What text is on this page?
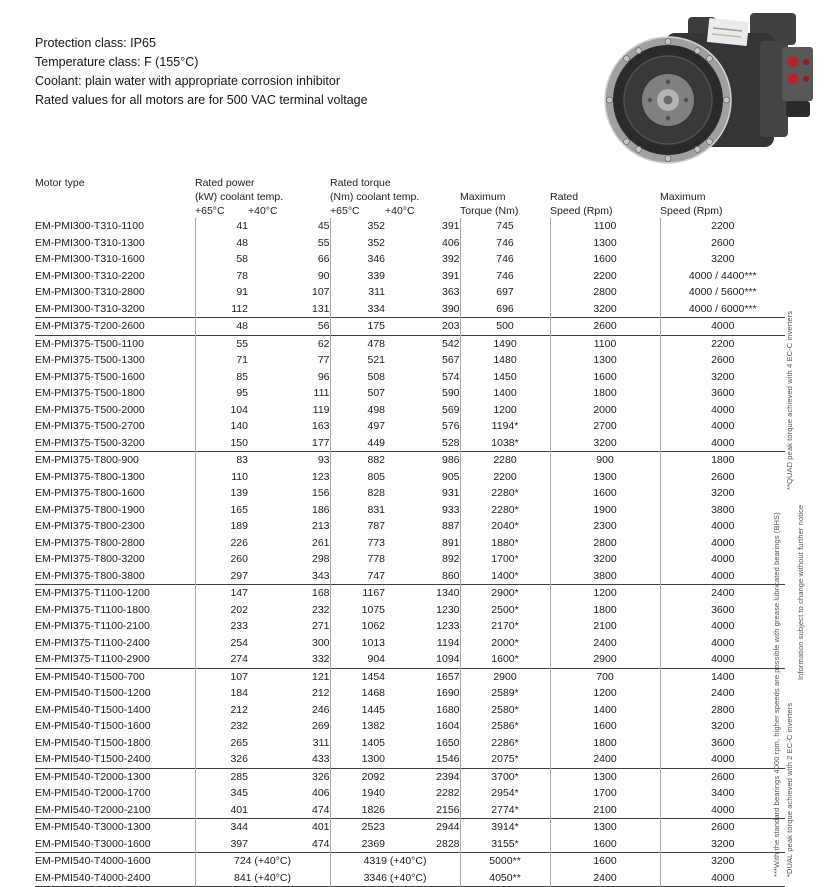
Protection class: IP65
Temperature class: F (155°C)
Coolant: plain water with appropriate corrosion inhibitor
Rated values for all motors are for 500 VAC terminal voltage
Motor type	Rated power		Rated torque				
	(kW) coolant temp.		(Nm) coolant temp.		Maximum	Rated	Maximum
	+65°C	+40°C	+65°C	+40°C	Torque (Nm)	Speed (Rpm)	Speed (Rpm)
EM-PMI300-T310-1100	41	45	352	391	745	1100	2200
EM-PMI300-T310-1300	48	55	352	406	746	1300	2600
EM-PMI300-T310-1600	58	66	346	392	746	1600	3200
EM-PMI300-T310-2200	78	90	339	391	746	2200	4000 / 4400***
EM-PMI300-T310-2800	91	107	311	363	697	2800	4000 / 5600***
EM-PMI300-T310-3200	112	131	334	390	696	3200	4000 / 6000***
EM-PMI375-T200-2600	48	56	175	203	500	2600	4000
EM-PMI375-T500-1100	55	62	478	542	1490	1100	2200
EM-PMI375-T500-1300	71	77	521	567	1480	1300	2600
EM-PMI375-T500-1600	85	96	508	574	1450	1600	3200
EM-PMI375-T500-1800	95	111	507	590	1400	1800	3600
EM-PMI375-T500-2000	104	119	498	569	1200	2000	4000
EM-PMI375-T500-2700	140	163	497	576	1194*	2700	4000
EM-PMI375-T500-3200	150	177	449	528	1038*	3200	4000
EM-PMI375-T800-900	83	93	882	986	2280	900	1800
EM-PMI375-T800-1300	110	123	805	905	2200	1300	2600
EM-PMI375-T800-1600	139	156	828	931	2280*	1600	3200
EM-PMI375-T800-1900	165	186	831	933	2280*	1900	3800
EM-PMI375-T800-2300	189	213	787	887	2040*	2300	4000
EM-PMI375-T800-2800	226	261	773	891	1880*	2800	4000
EM-PMI375-T800-3200	260	298	778	892	1700*	3200	4000
EM-PMI375-T800-3800	297	343	747	860	1400*	3800	4000
EM-PMI375-T1100-1200	147	168	1167	1340	2900*	1200	2400
EM-PMI375-T1100-1800	202	232	1075	1230	2500*	1800	3600
EM-PMI375-T1100-2100	233	271	1062	1233	2170*	2100	4000
EM-PMI375-T1100-2400	254	300	1013	1194	2000*	2400	4000
EM-PMI375-T1100-2900	274	332	904	1094	1600*	2900	4000
EM-PMI540-T1500-700	107	121	1454	1657	2900	700	1400
EM-PMI540-T1500-1200	184	212	1468	1690	2589*	1200	2400
EM-PMI540-T1500-1400	212	246	1445	1680	2580*	1400	2800
EM-PMI540-T1500-1600	232	269	1382	1604	2586*	1600	3200
EM-PMI540-T1500-1800	265	311	1405	1650	2286*	1800	3600
EM-PMI540-T1500-2400	326	433	1300	1546	2075*	2400	4000
EM-PMI540-T2000-1300	285	326	2092	2394	3700*	1300	2600
EM-PMI540-T2000-1700	345	406	1940	2282	2954*	1700	3400
EM-PMI540-T2000-2100	401	474	1826	2156	2774*	2100	4000
EM-PMI540-T3000-1300	344	401	2523	2944	3914*	1300	2600
EM-PMI540-T3000-1600	397	474	2369	2828	3155*	1600	3200
EM-PMI540-T4000-1600	724 (+40°C)		4319 (+40°C)		5000**	1600	3200
EM-PMI540-T4000-2400	841 (+40°C)		3346 (+40°C)		4050**	2400	4000
***With the standard bearings 4000 rpm, higher speeds are possible with grease lubricated bearings (BHS) *DUAL peak torque achieved with 2 EC-C inverters
**QUAD peak torque achieved with 4 EC-C inverters
Information subject to change without further notice
